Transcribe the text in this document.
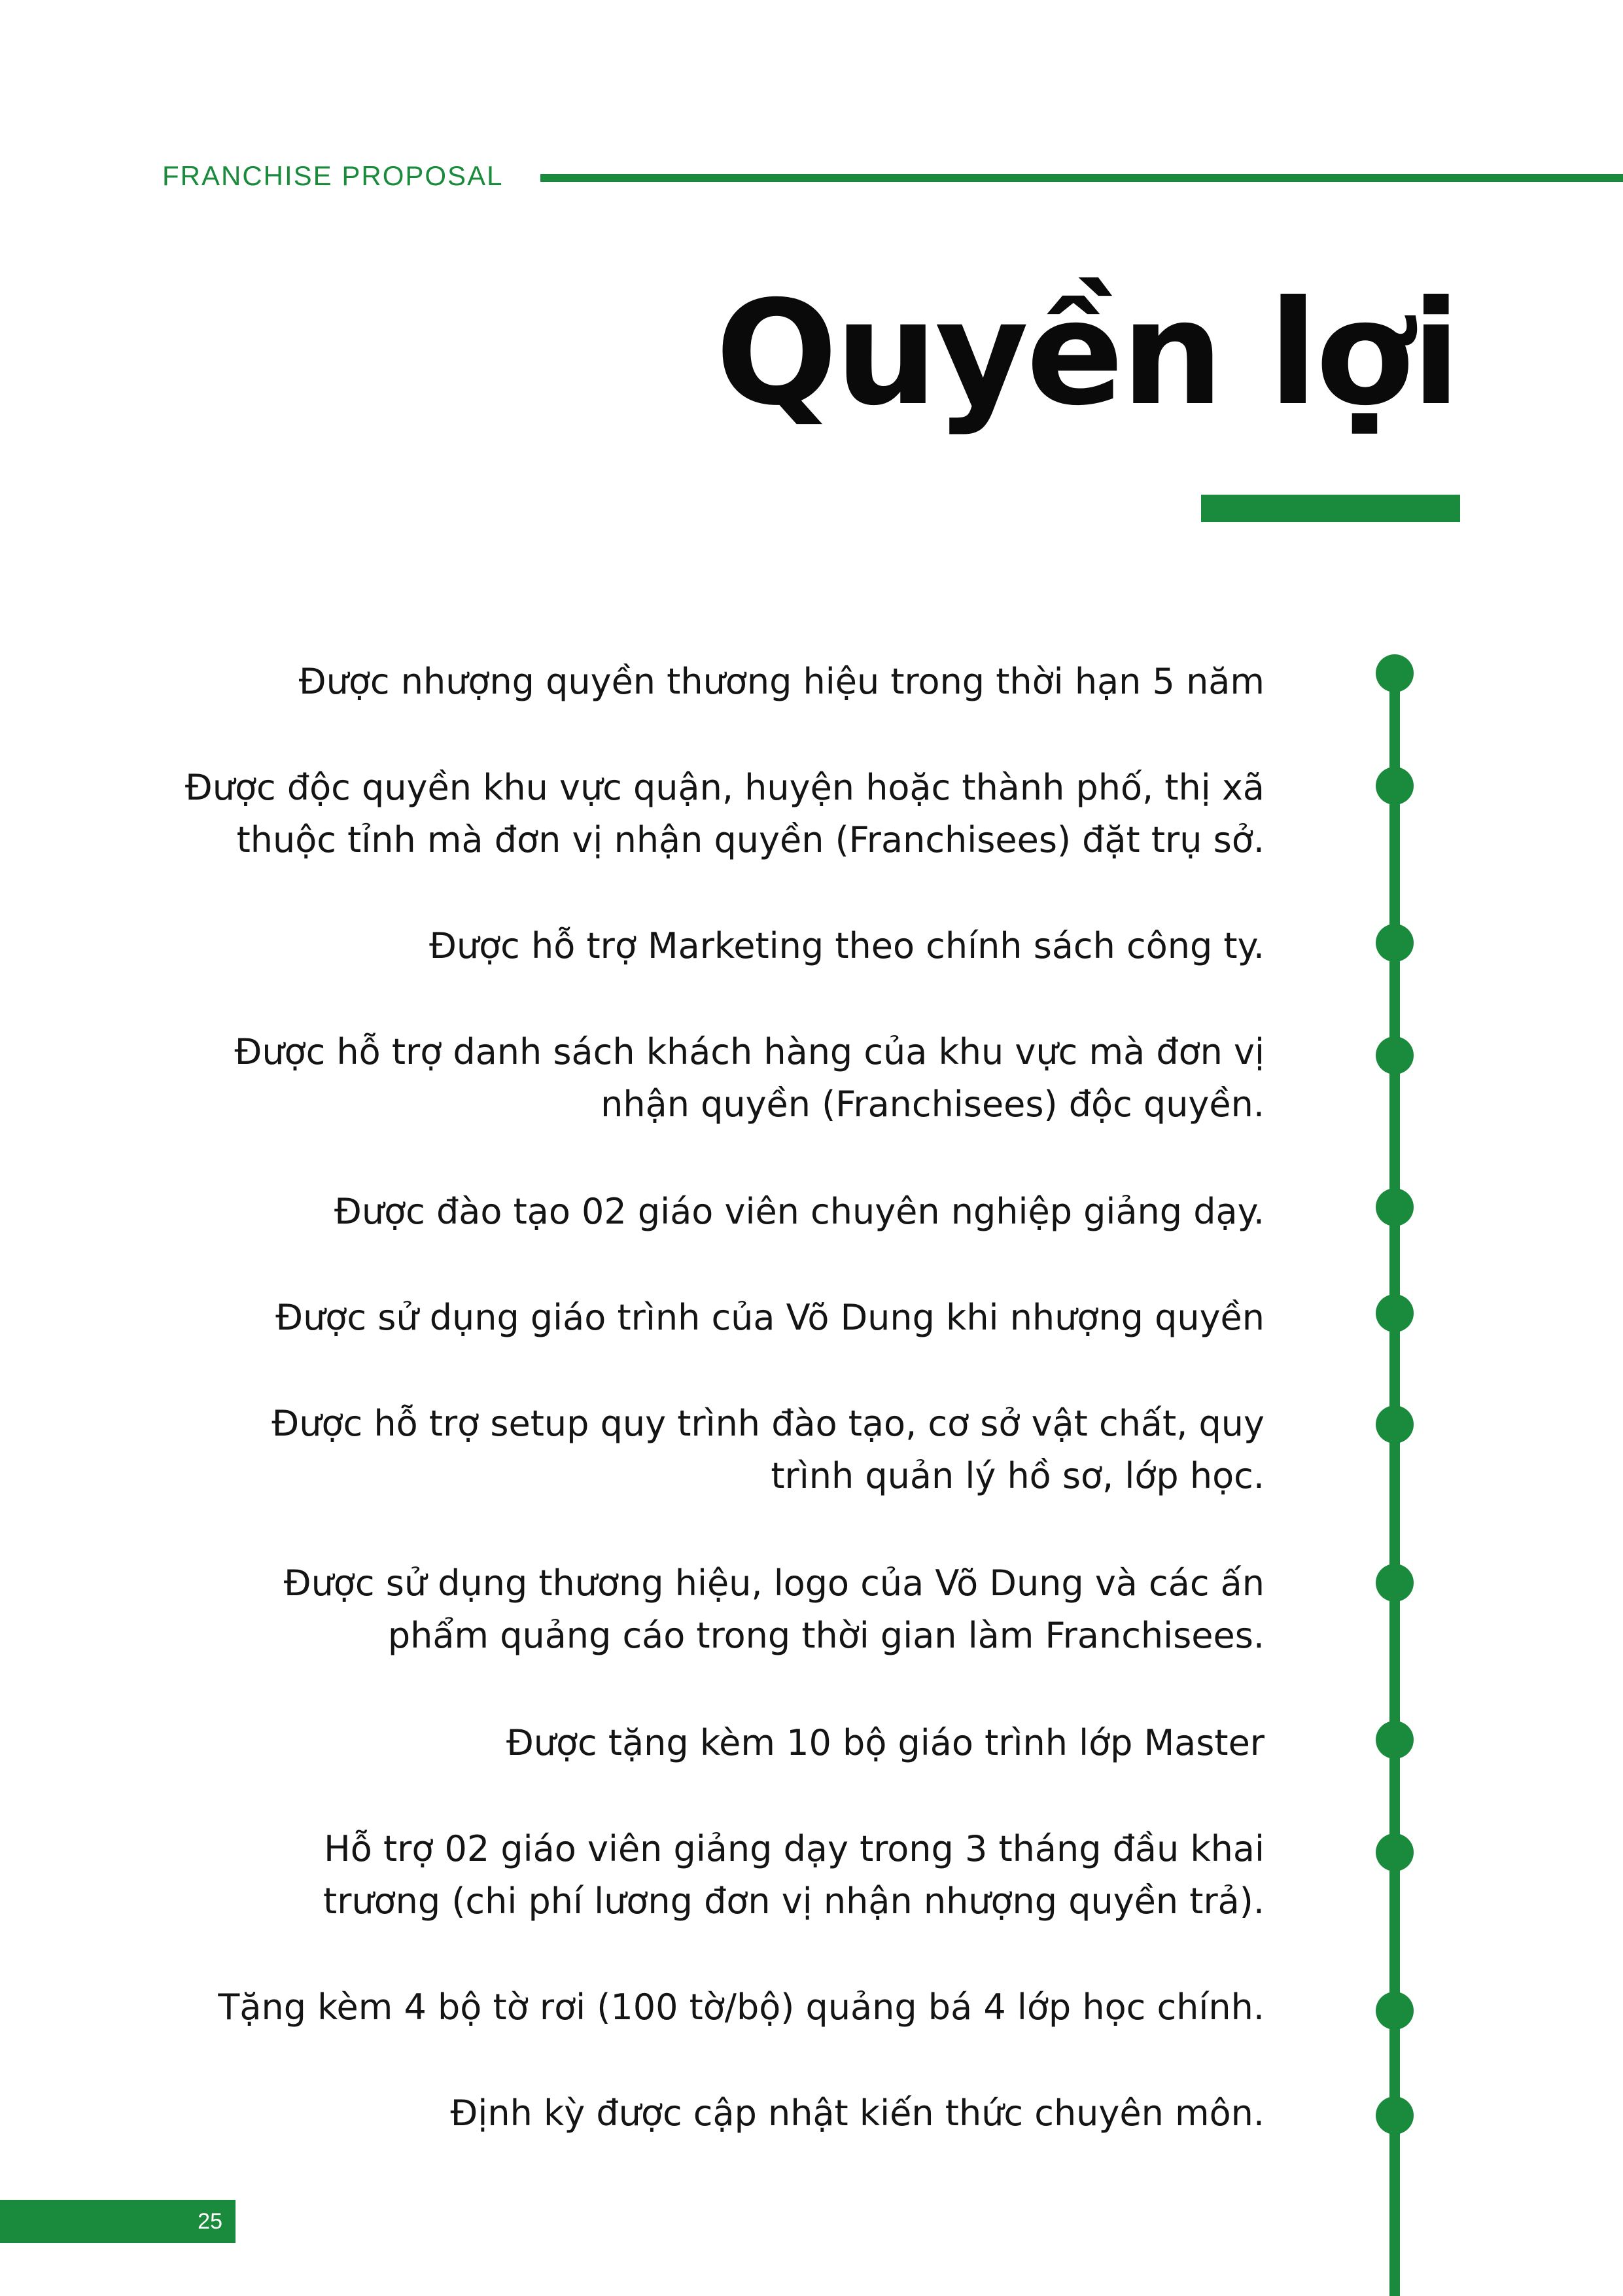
FRANCHISE PROPOSAL
Quyền lợi
Được nhượng quyền thương hiệu trong thời hạn 5 năm
Được độc quyền khu vực quận, huyện hoặc thành phố, thị xã
thuộc tỉnh mà đơn vị nhận quyền (Franchisees) đặt trụ sở.
Được hỗ trợ Marketing theo chính sách công ty.
Được hỗ trợ danh sách khách hàng của khu vực mà đơn vị
nhận quyền (Franchisees) độc quyền.
Được đào tạo 02 giáo viên chuyên nghiệp giảng dạy.
Được sử dụng giáo trình của Võ Dung khi nhượng quyền
Được hỗ trợ setup quy trình đào tạo, cơ sở vật chất, quy
trình quản lý hồ sơ, lớp học.
Được sử dụng thương hiệu, logo của Võ Dung và các ấn
phẩm quảng cáo trong thời gian làm Franchisees.
Được tặng kèm 10 bộ giáo trình lớp Master
Hỗ trợ 02 giáo viên giảng dạy trong 3 tháng đầu khai
trương (chi phí lương đơn vị nhận nhượng quyền trả).
Tặng kèm 4 bộ tờ rơi (100 tờ/bộ) quảng bá 4 lớp học chính.
Định kỳ được cập nhật kiến thức chuyên môn.
25
